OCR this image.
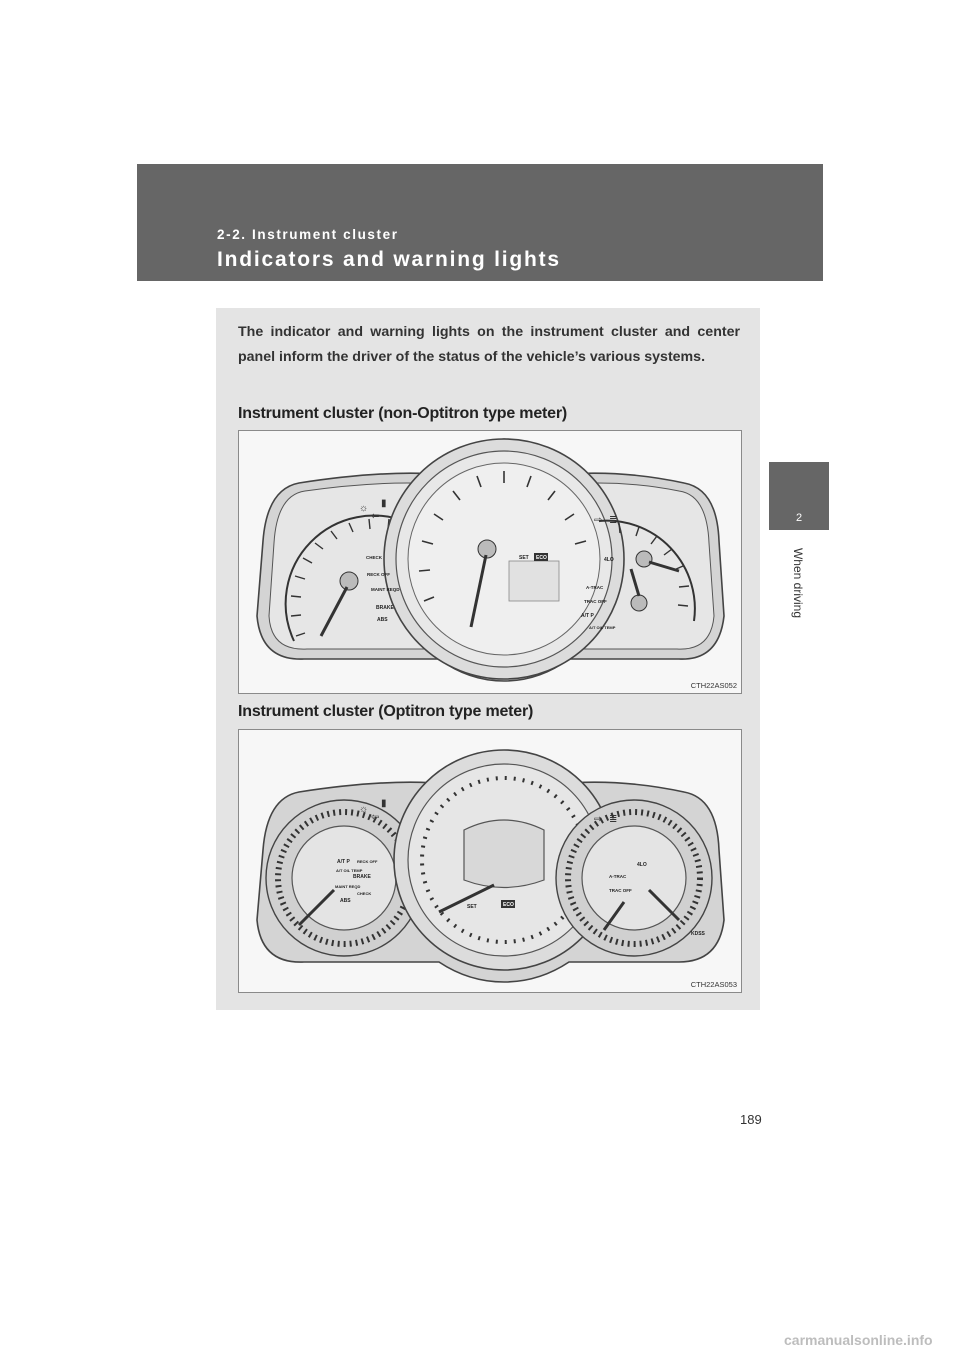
2-2. Instrument cluster
Indicators and warning lights
2
When driving
The indicator and warning lights on the instrument cluster and center panel inform the driver of the status of the vehicle’s various systems.
Instrument cluster (non-Optitron type meter)
SET ECO
CHECK
RECK OFF
MAINT REQD
BRAKE
ABS
☼ ▮
⇦	⇨ ≣
4LO
A-TRAC
TRAC OFF
A/T P
A/T OIL TEMP
CTH22AS052
Instrument cluster (Optitron type meter)
A/T P
A/T OIL TEMP
RECK OFF
BRAKE
MAINT REQD
ABS
CHECK
☼
▮
⇦
SET	ECO
4LO
A-TRAC
TRAC OFF
⇨ ≣
KDSS
CTH22AS053
189
carmanualsonline.info
